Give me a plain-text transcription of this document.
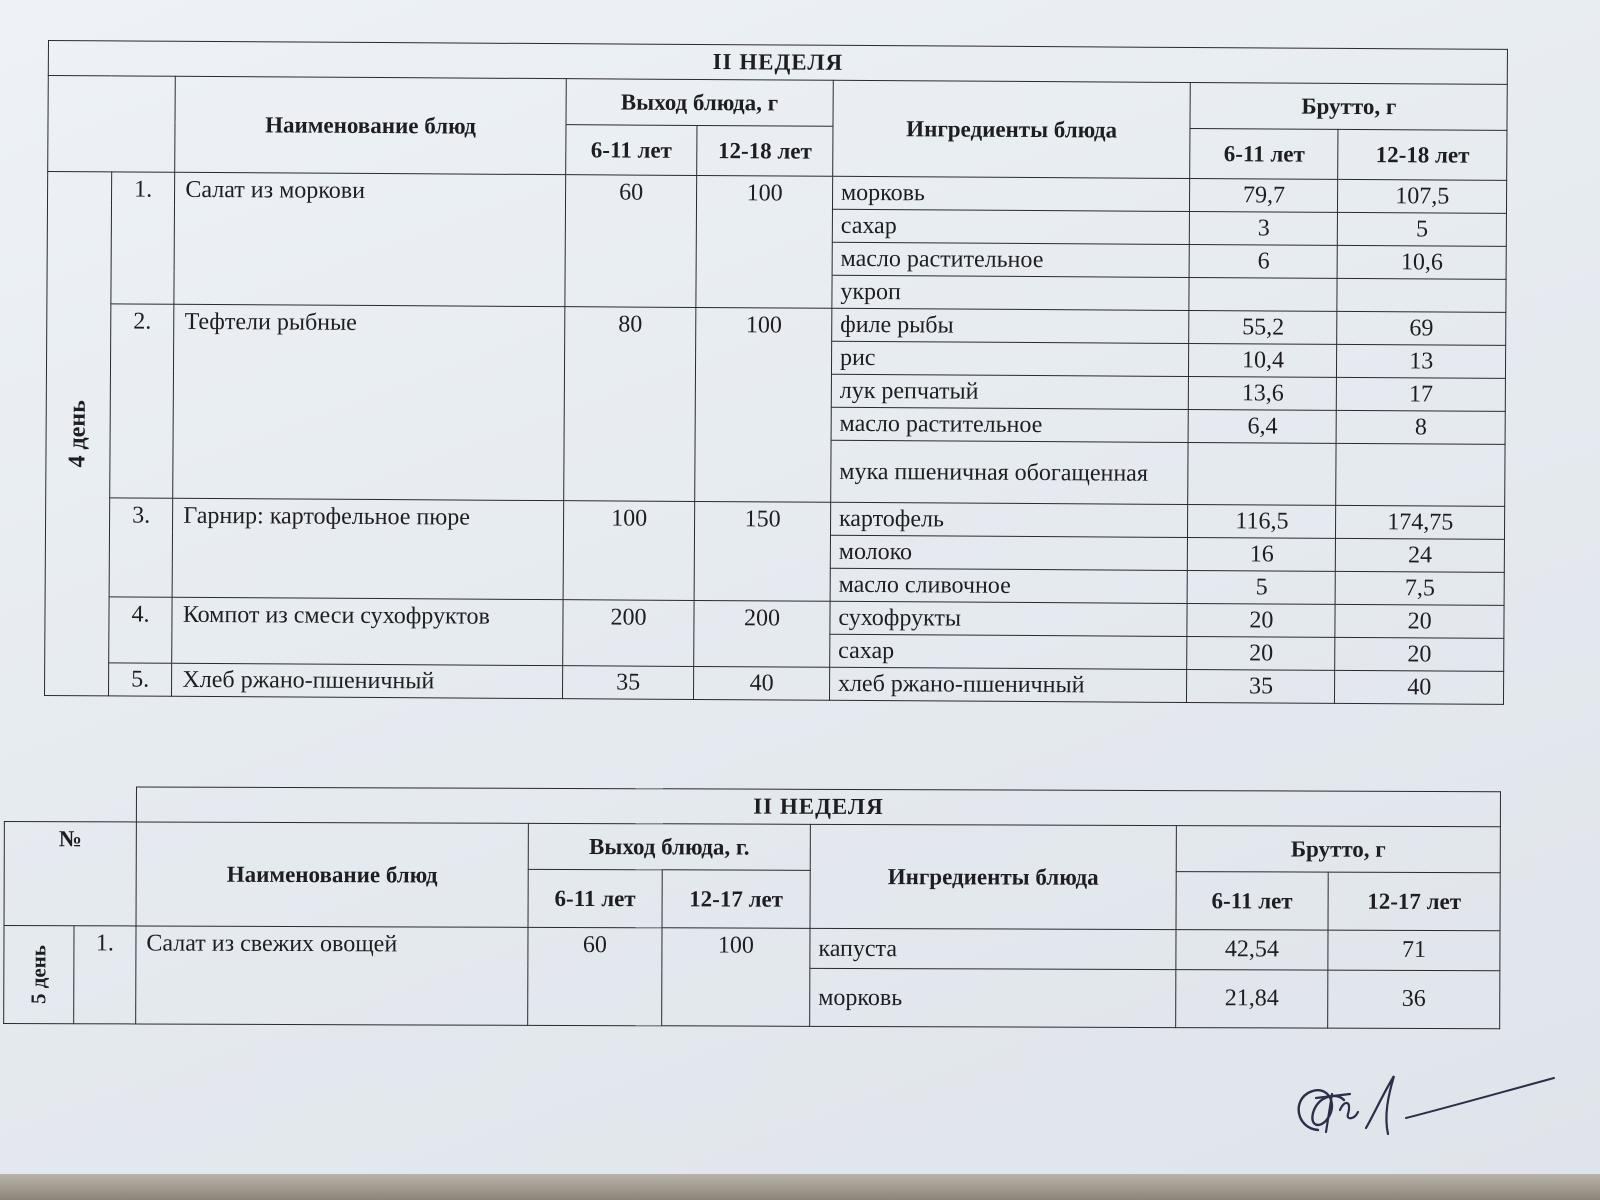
II НЕДЕЛЯ							
		Наименование блюд	Выход блюда, г		Ингредиенты блюда	Брутто, г	
			6-11 лет	12-18 лет		6-11 лет	12-18 лет

4 день	1.	Салат из моркови	60	100	морковь	79,7	107,5
					сахар	3	5
					масло растительное	6	10,6
					укроп		
	2.	Тефтели рыбные	80	100	филе рыбы	55,2	69
					рис	10,4	13
					лук репчатый	13,6	17
					масло растительное	6,4	8
					мука пшеничная обогащенная		
	3.	Гарнир: картофельное пюре	100	150	картофель	116,5	174,75
					молоко	16	24
					масло сливочное	5	7,5
	4.	Компот из смеси сухофруктов	200	200	сухофрукты	20	20
					сахар	20	20
	5.	Хлеб ржано-пшеничный	35	40	хлеб ржано-пшеничный	35	40
		II НЕДЕЛЯ					
№		Наименование блюд	Выход блюда, г.		Ингредиенты блюда	Брутто, г	
			6-11 лет	12-17 лет		6-11 лет	12-17 лет

5 день	1.	Салат из свежих овощей	60	100	капуста	42,54	71
					морковь	21,84	36
